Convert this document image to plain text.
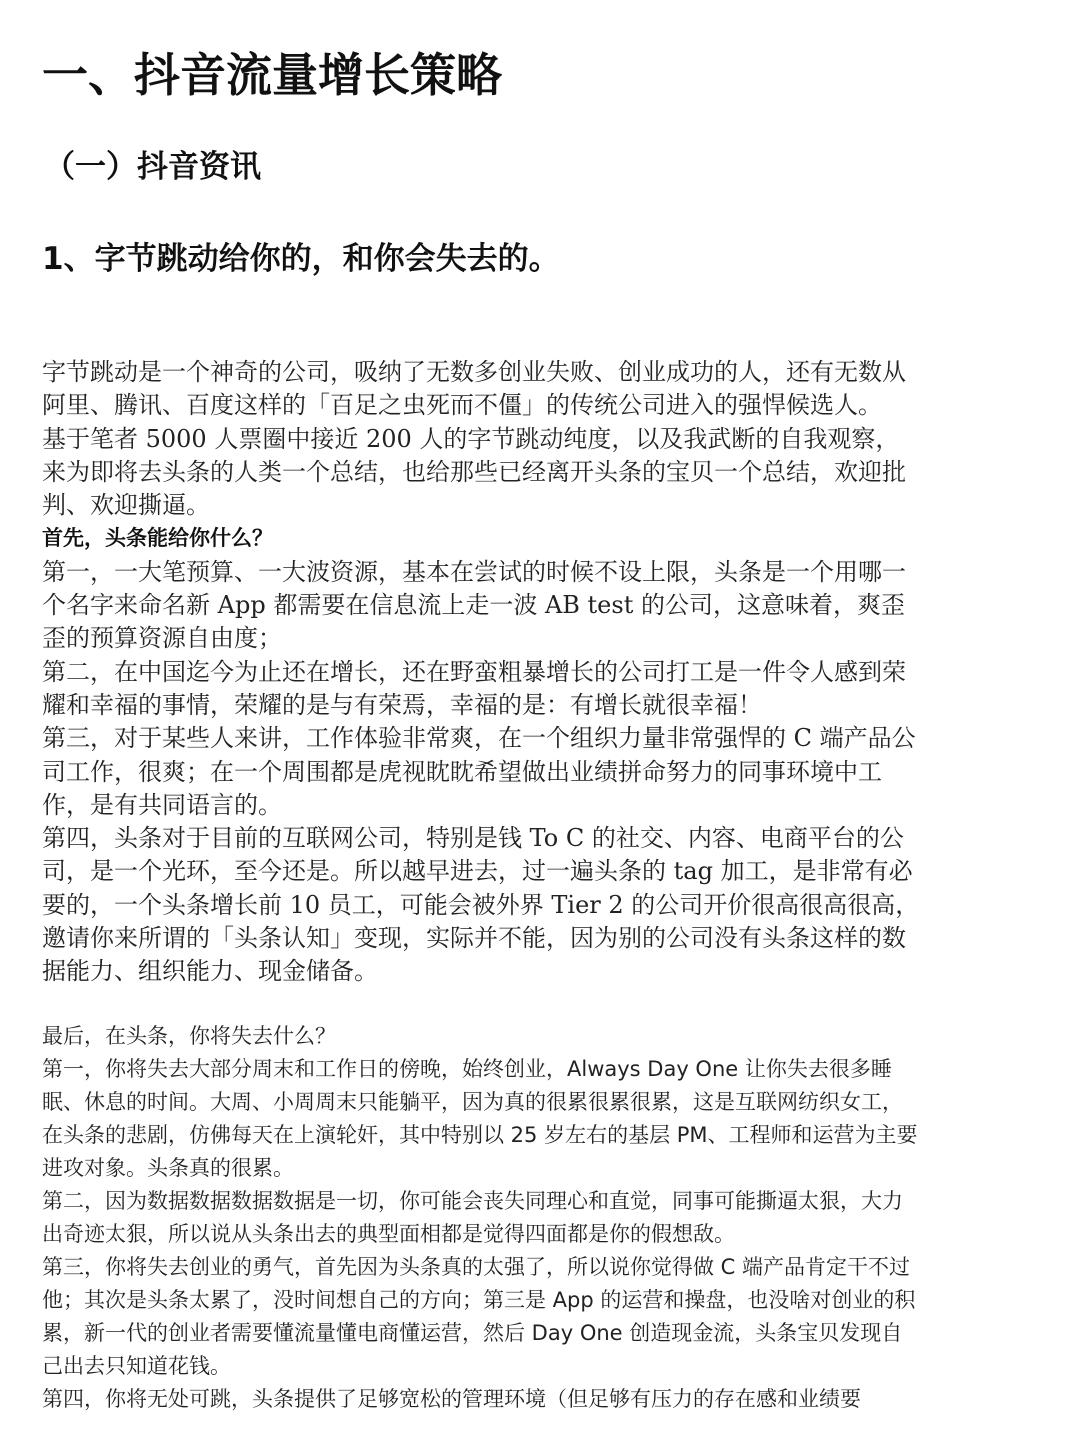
一、抖音流量增长策略
（一）抖音资讯
1、字节跳动给你的，和你会失去的。

字节跳动是一个神奇的公司，吸纳了无数多创业失败、创业成功的人，还有无数从阿里、腾讯、百度这样的「百足之虫死而不僵」的传统公司进入的强悍候选人。

基于笔者 5000 人票圈中接近 200 人的字节跳动纯度，以及我武断的自我观察，来为即将去头条的人类一个总结，也给那些已经离开头条的宝贝一个总结，欢迎批判、欢迎撕逼。

首先，头条能给你什么？

第一，一大笔预算、一大波资源，基本在尝试的时候不设上限，头条是一个用哪一个名字来命名新 App 都需要在信息流上走一波 AB test 的公司，这意味着，爽歪歪的预算资源自由度；

第二，在中国迄今为止还在增长，还在野蛮粗暴增长的公司打工是一件令人感到荣耀和幸福的事情，荣耀的是与有荣焉，幸福的是：有增长就很幸福！

第三，对于某些人来讲，工作体验非常爽，在一个组织力量非常强悍的 C 端产品公司工作，很爽；在一个周围都是虎视眈眈希望做出业绩拼命努力的同事环境中工作，是有共同语言的。

第四，头条对于目前的互联网公司，特别是钱 To C 的社交、内容、电商平台的公司，是一个光环，至今还是。所以越早进去，过一遍头条的 tag 加工，是非常有必要的，一个头条增长前 10 员工，可能会被外界 Tier 2 的公司开价很高很高很高，邀请你来所谓的「头条认知」变现，实际并不能，因为别的公司没有头条这样的数据能力、组织能力、现金储备。

最后，在头条，你将失去什么？

第一，你将失去大部分周末和工作日的傍晚，始终创业，Always Day One 让你失去很多睡眠、休息的时间。大周、小周周末只能躺平，因为真的很累很累很累，这是互联网纺织女工，在头条的悲剧，仿佛每天在上演轮奸，其中特别以 25 岁左右的基层 PM、工程师和运营为主要进攻对象。头条真的很累。

第二，因为数据数据数据数据是一切，你可能会丧失同理心和直觉，同事可能撕逼太狠，大力出奇迹太狠，所以说从头条出去的典型面相都是觉得四面都是你的假想敌。

第三，你将失去创业的勇气，首先因为头条真的太强了，所以说你觉得做 C 端产品肯定干不过他；其次是头条太累了，没时间想自己的方向；第三是 App 的运营和操盘，也没啥对创业的积累，新一代的创业者需要懂流量懂电商懂运营，然后 Day One 创造现金流，头条宝贝发现自己出去只知道花钱。

第四，你将无处可跳，头条提供了足够宽松的管理环境（但足够有压力的存在感和业绩要
